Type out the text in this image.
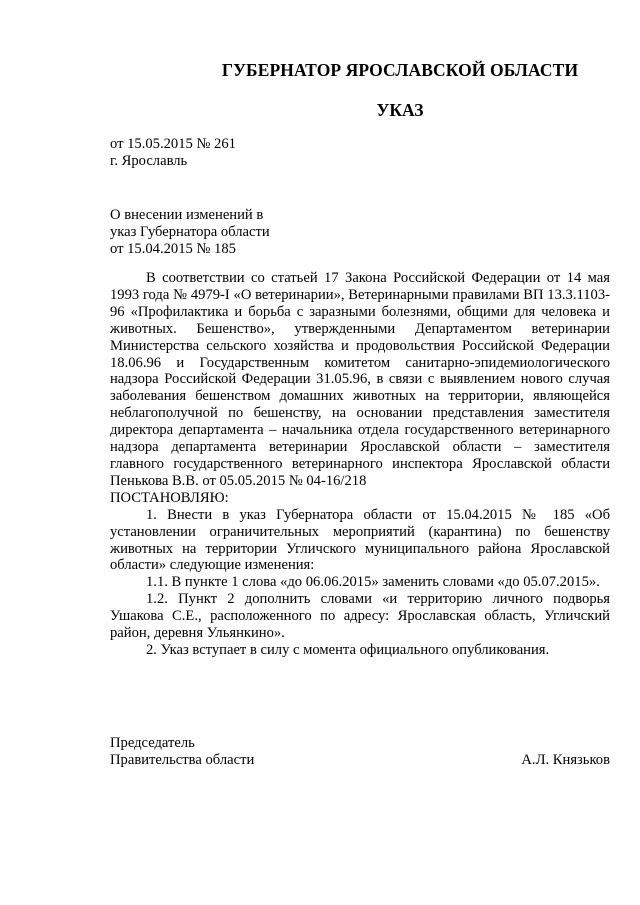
ГУБЕРНАТОР ЯРОСЛАВСКОЙ ОБЛАСТИ
УКАЗ
от 15.05.2015 № 261
г. Ярославль
О внесении изменений в
указ Губернатора области
от 15.04.2015 № 185

В соответствии со статьей 17 Закона Российской Федерации от 14 мая 1993 года № 4979-I «О ветеринарии», Ветеринарными правилами ВП 13.3.1103-96 «Профилактика и борьба с заразными болезнями, общими для человека и животных. Бешенство», утвержденными Департаментом ветеринарии Министерства сельского хозяйства и продовольствия Российской Федерации 18.06.96 и Государственным комитетом санитарно-эпидемиологического надзора Российской Федерации 31.05.96, в связи с выявлением нового случая заболевания бешенством домашних животных на территории, являющейся неблагополучной по бешенству, на основании представления заместителя директора департамента – начальника отдела государственного ветеринарного надзора департамента ветеринарии Ярославской области – заместителя главного государственного ветеринарного инспектора Ярославской области Пенькова В.В. от 05.05.2015 № 04-16/218

ПОСТАНОВЛЯЮ:

1. Внести в указ Губернатора области от 15.04.2015 № 185 «Об установлении ограничительных мероприятий (карантина) по бешенству животных на территории Угличского муниципального района Ярославской области» следующие изменения:

1.1. В пункте 1 слова «до 06.06.2015» заменить словами «до 05.07.2015».

1.2. Пункт 2 дополнить словами «и территорию личного подворья Ушакова С.Е., расположенного по адресу: Ярославская область, Угличский район, деревня Ульянкино».

2. Указ вступает в силу с момента официального опубликования.

Председатель
Правительства области	А.Л. Князьков
